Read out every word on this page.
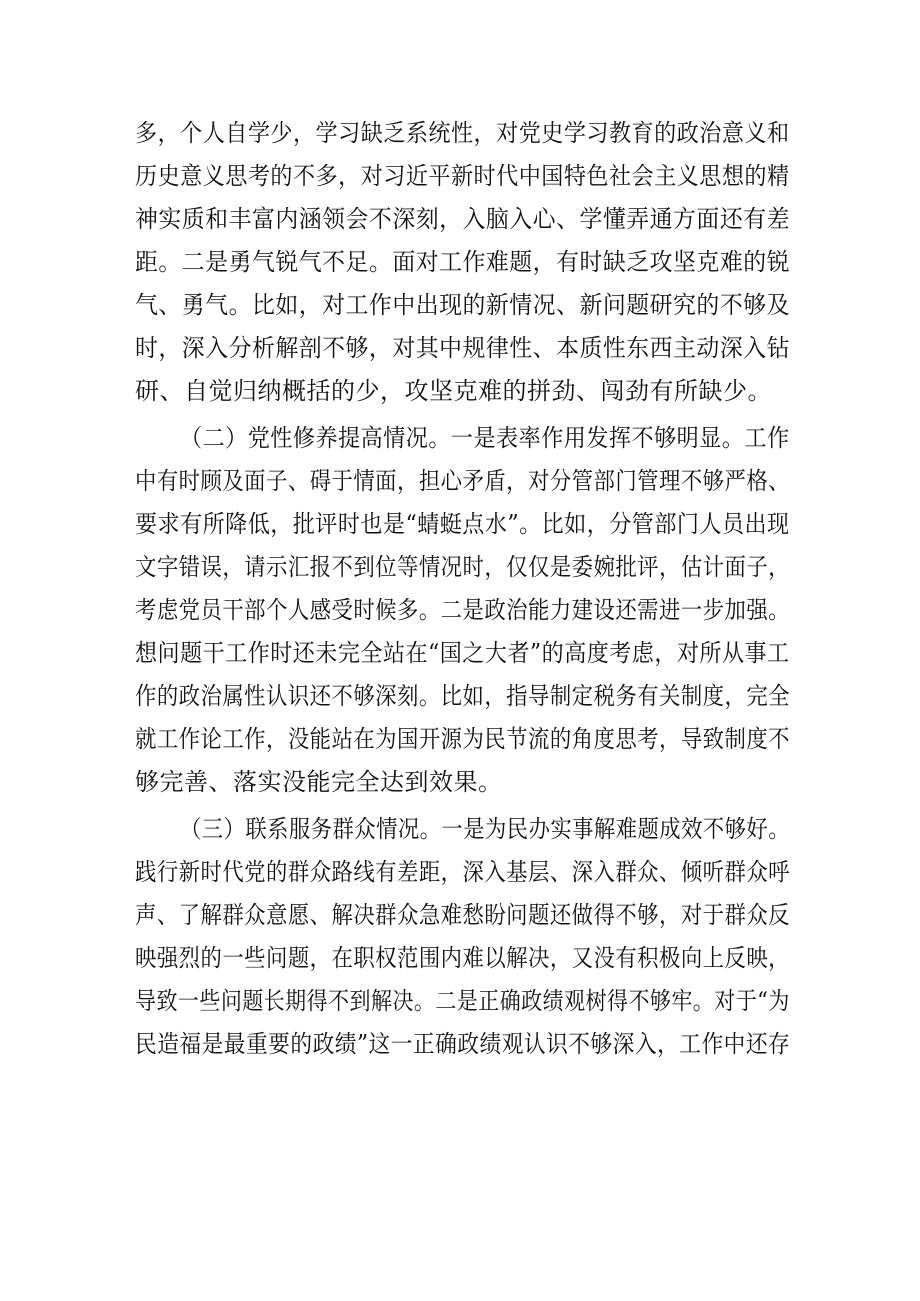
多，个人自学少，学习缺乏系统性，对党史学习教育的政治意义和
历史意义思考的不多，对习近平新时代中国特色社会主义思想的精
神实质和丰富内涵领会不深刻，入脑入心、学懂弄通方面还有差
距。二是勇气锐气不足。面对工作难题，有时缺乏攻坚克难的锐
气、勇气。比如，对工作中出现的新情况、新问题研究的不够及
时，深入分析解剖不够，对其中规律性、本质性东西主动深入钻
研、自觉归纳概括的少，攻坚克难的拼劲、闯劲有所缺少。
（二）党性修养提高情况。一是表率作用发挥不够明显。工作
中有时顾及面子、碍于情面，担心矛盾，对分管部门管理不够严格、
要求有所降低，批评时也是“蜻蜓点水”。比如，分管部门人员出现
文字错误，请示汇报不到位等情况时，仅仅是委婉批评，估计面子，
考虑党员干部个人感受时候多。二是政治能力建设还需进一步加强。
想问题干工作时还未完全站在“国之大者”的高度考虑，对所从事工
作的政治属性认识还不够深刻。比如，指导制定税务有关制度，完全
就工作论工作，没能站在为国开源为民节流的角度思考，导致制度不
够完善、落实没能完全达到效果。
（三）联系服务群众情况。一是为民办实事解难题成效不够好。
践行新时代党的群众路线有差距，深入基层、深入群众、倾听群众呼
声、了解群众意愿、解决群众急难愁盼问题还做得不够，对于群众反
映强烈的一些问题，在职权范围内难以解决，又没有积极向上反映，
导致一些问题长期得不到解决。二是正确政绩观树得不够牢。对于“为
民造福是最重要的政绩”这一正确政绩观认识不够深入，工作中还存
